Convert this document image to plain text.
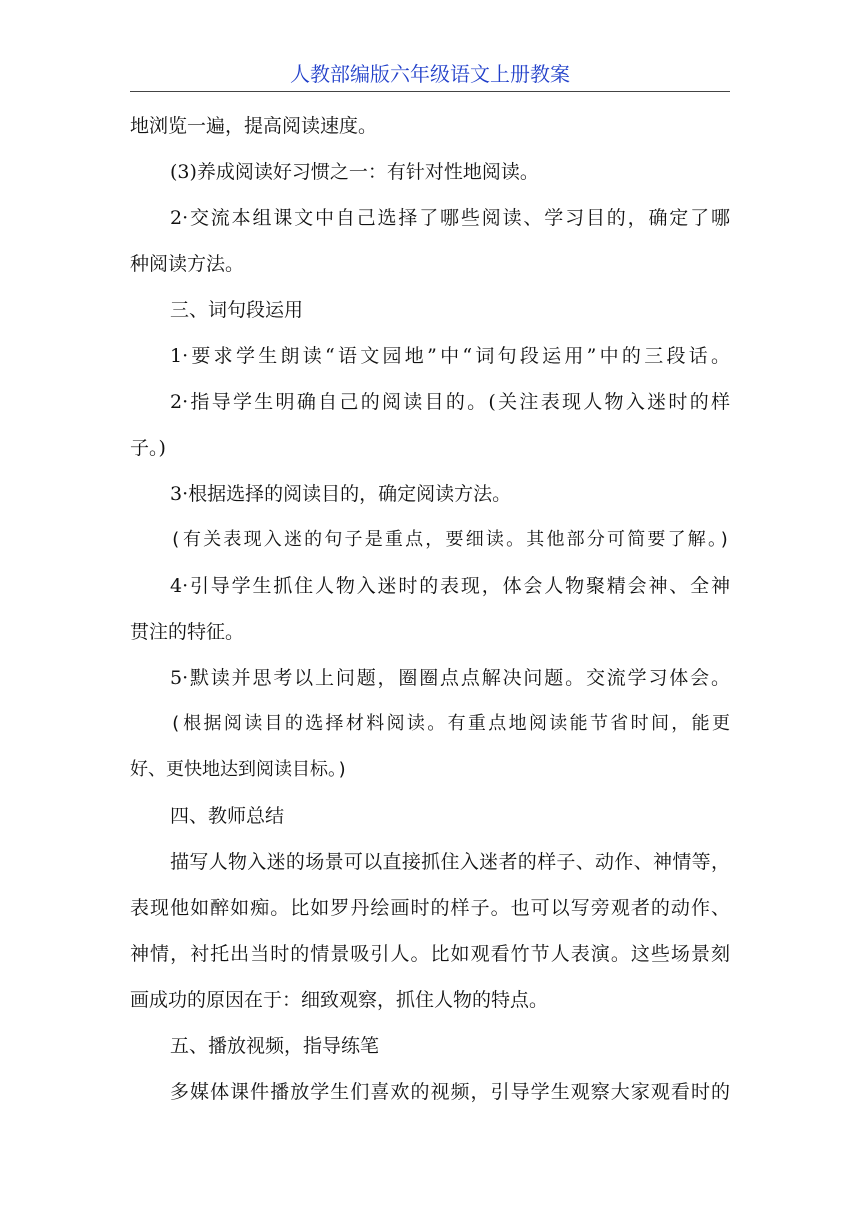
人教部编版六年级语文上册教案
地浏览一遍，提高阅读速度。
(3)养成阅读好习惯之一：有针对性地阅读。
2·交流本组课文中自己选择了哪些阅读、学习目的，确定了哪
种阅读方法。
三、词句段运用
1·要求学生朗读“语文园地”中“词句段运用”中的三段话。
2·指导学生明确自己的阅读目的。(关注表现人物入迷时的样
子。)
3·根据选择的阅读目的，确定阅读方法。
(有关表现入迷的句子是重点，要细读。其他部分可简要了解。)
4·引导学生抓住人物入迷时的表现，体会人物聚精会神、全神
贯注的特征。
5·默读并思考以上问题，圈圈点点解决问题。交流学习体会。
(根据阅读目的选择材料阅读。有重点地阅读能节省时间，能更
好、更快地达到阅读目标。)
四、教师总结
描写人物入迷的场景可以直接抓住入迷者的样子、动作、神情等，
表现他如醉如痴。比如罗丹绘画时的样子。也可以写旁观者的动作、
神情，衬托出当时的情景吸引人。比如观看竹节人表演。这些场景刻
画成功的原因在于：细致观察，抓住人物的特点。
五、播放视频，指导练笔
多媒体课件播放学生们喜欢的视频，引导学生观察大家观看时的
